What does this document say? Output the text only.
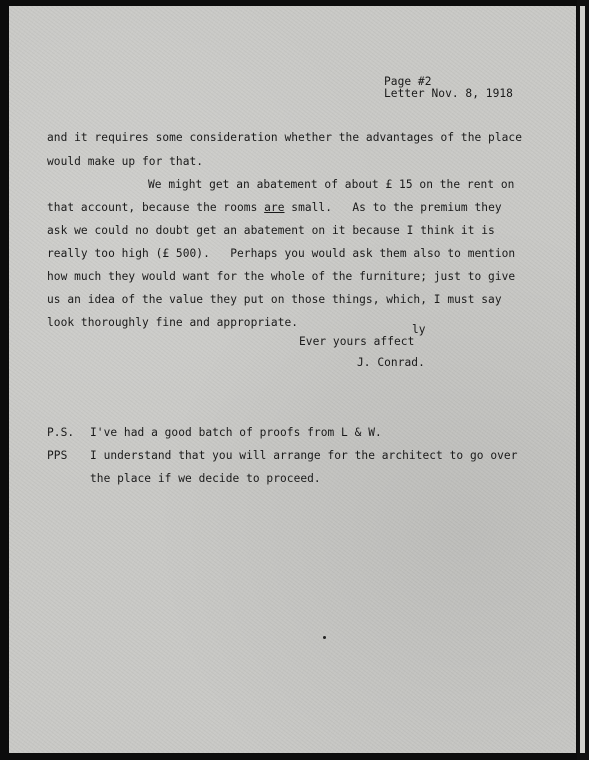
Page #2

Letter Nov. 8, 1918

and it requires some consideration whether the advantages of the place

would make up for that.

We might get an abatement of about £ 15 on the rent on

that account, because the rooms are small.   As to the premium they

ask we could no doubt get an abatement on it because I think it is

really too high (£ 500).   Perhaps you would ask them also to mention

how much they would want for the whole of the furniture; just to give

us an idea of the value they put on those things, which, I must say

look thoroughly fine and appropriate.

ly

Ever yours affect

J. Conrad.

P.S. I've had a good batch of proofs from L & W.

PPS I understand that you will arrange for the architect to go over

the place if we decide to proceed.
